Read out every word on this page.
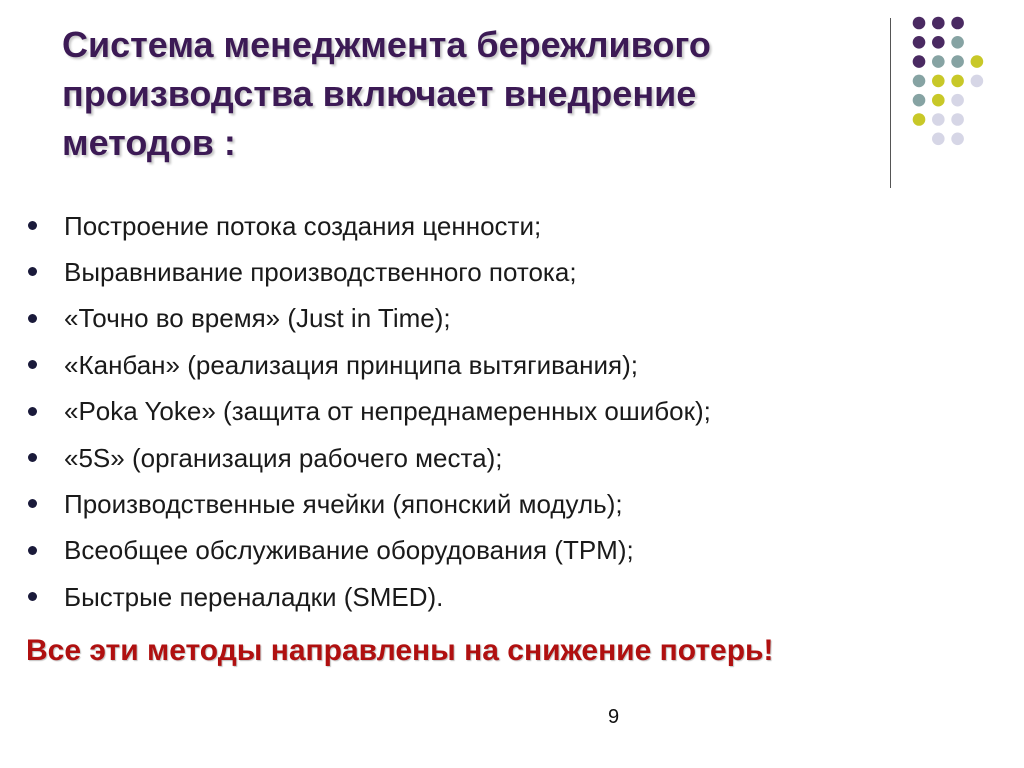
Система менеджмента бережливого производства включает внедрение методов :
Построение потока создания ценности;
Выравнивание производственного потока;
«Точно во время» (Just in Time);
«Канбан» (реализация принципа вытягивания);
«Poka Yoke» (защита от непреднамеренных ошибок);
«5S» (организация рабочего места);
Производственные ячейки (японский модуль);
Всеобщее обслуживание оборудования (TPM);
Быстрые переналадки (SMED).
Все эти методы направлены на снижение потерь!
9
